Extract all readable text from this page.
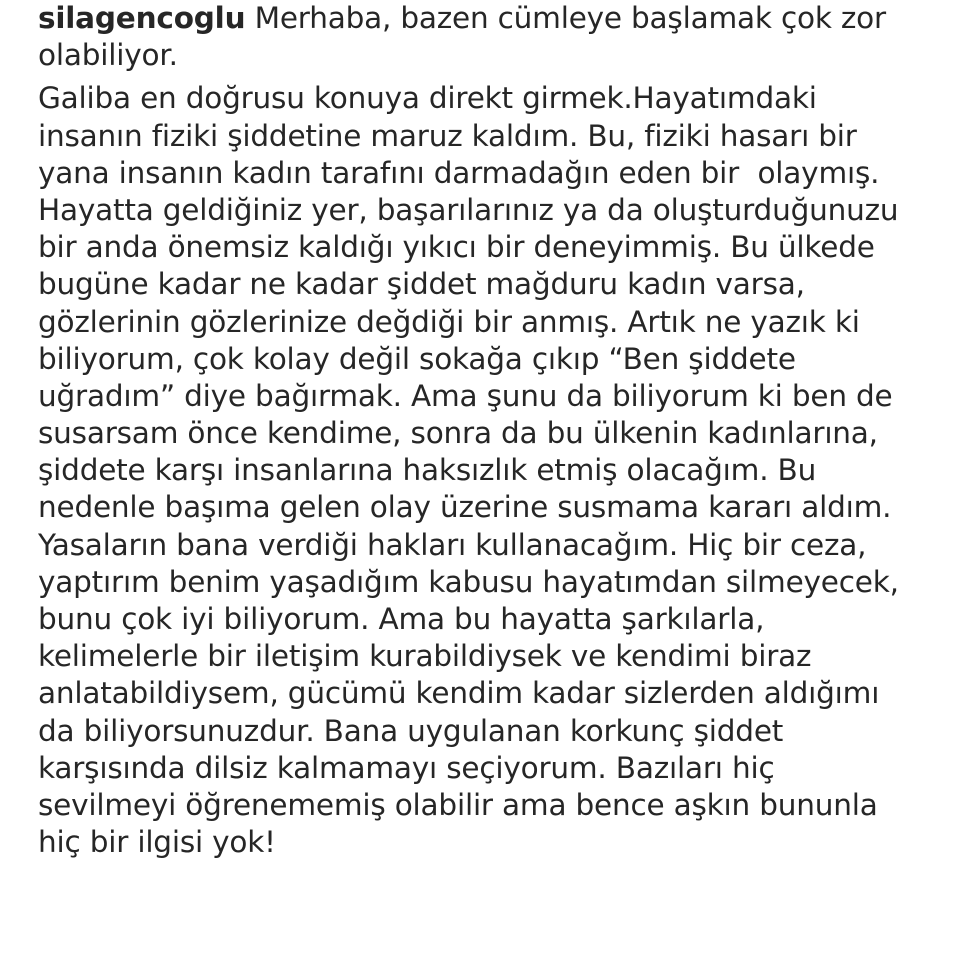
silagencoglu Merhaba, bazen cümleye başlamak çok zor
olabiliyor.
Galiba en doğrusu konuya direkt girmek.Hayatımdaki
insanın fiziki şiddetine maruz kaldım. Bu, fiziki hasarı bir
yana insanın kadın tarafını darmadağın eden bir  olaymış.
Hayatta geldiğiniz yer, başarılarınız ya da oluşturduğunuzu
bir anda önemsiz kaldığı yıkıcı bir deneyimmiş. Bu ülkede
bugüne kadar ne kadar şiddet mağduru kadın varsa,
gözlerinin gözlerinize değdiği bir anmış. Artık ne yazık ki
biliyorum, çok kolay değil sokağa çıkıp “Ben şiddete
uğradım” diye bağırmak. Ama şunu da biliyorum ki ben de
susarsam önce kendime, sonra da bu ülkenin kadınlarına,
şiddete karşı insanlarına haksızlık etmiş olacağım. Bu
nedenle başıma gelen olay üzerine susmama kararı aldım.
Yasaların bana verdiği hakları kullanacağım. Hiç bir ceza,
yaptırım benim yaşadığım kabusu hayatımdan silmeyecek,
bunu çok iyi biliyorum. Ama bu hayatta şarkılarla,
kelimelerle bir iletişim kurabildiysek ve kendimi biraz
anlatabildiysem, gücümü kendim kadar sizlerden aldığımı
da biliyorsunuzdur. Bana uygulanan korkunç şiddet
karşısında dilsiz kalmamayı seçiyorum. Bazıları hiç
sevilmeyi öğrenememiş olabilir ama bence aşkın bununla
hiç bir ilgisi yok!
